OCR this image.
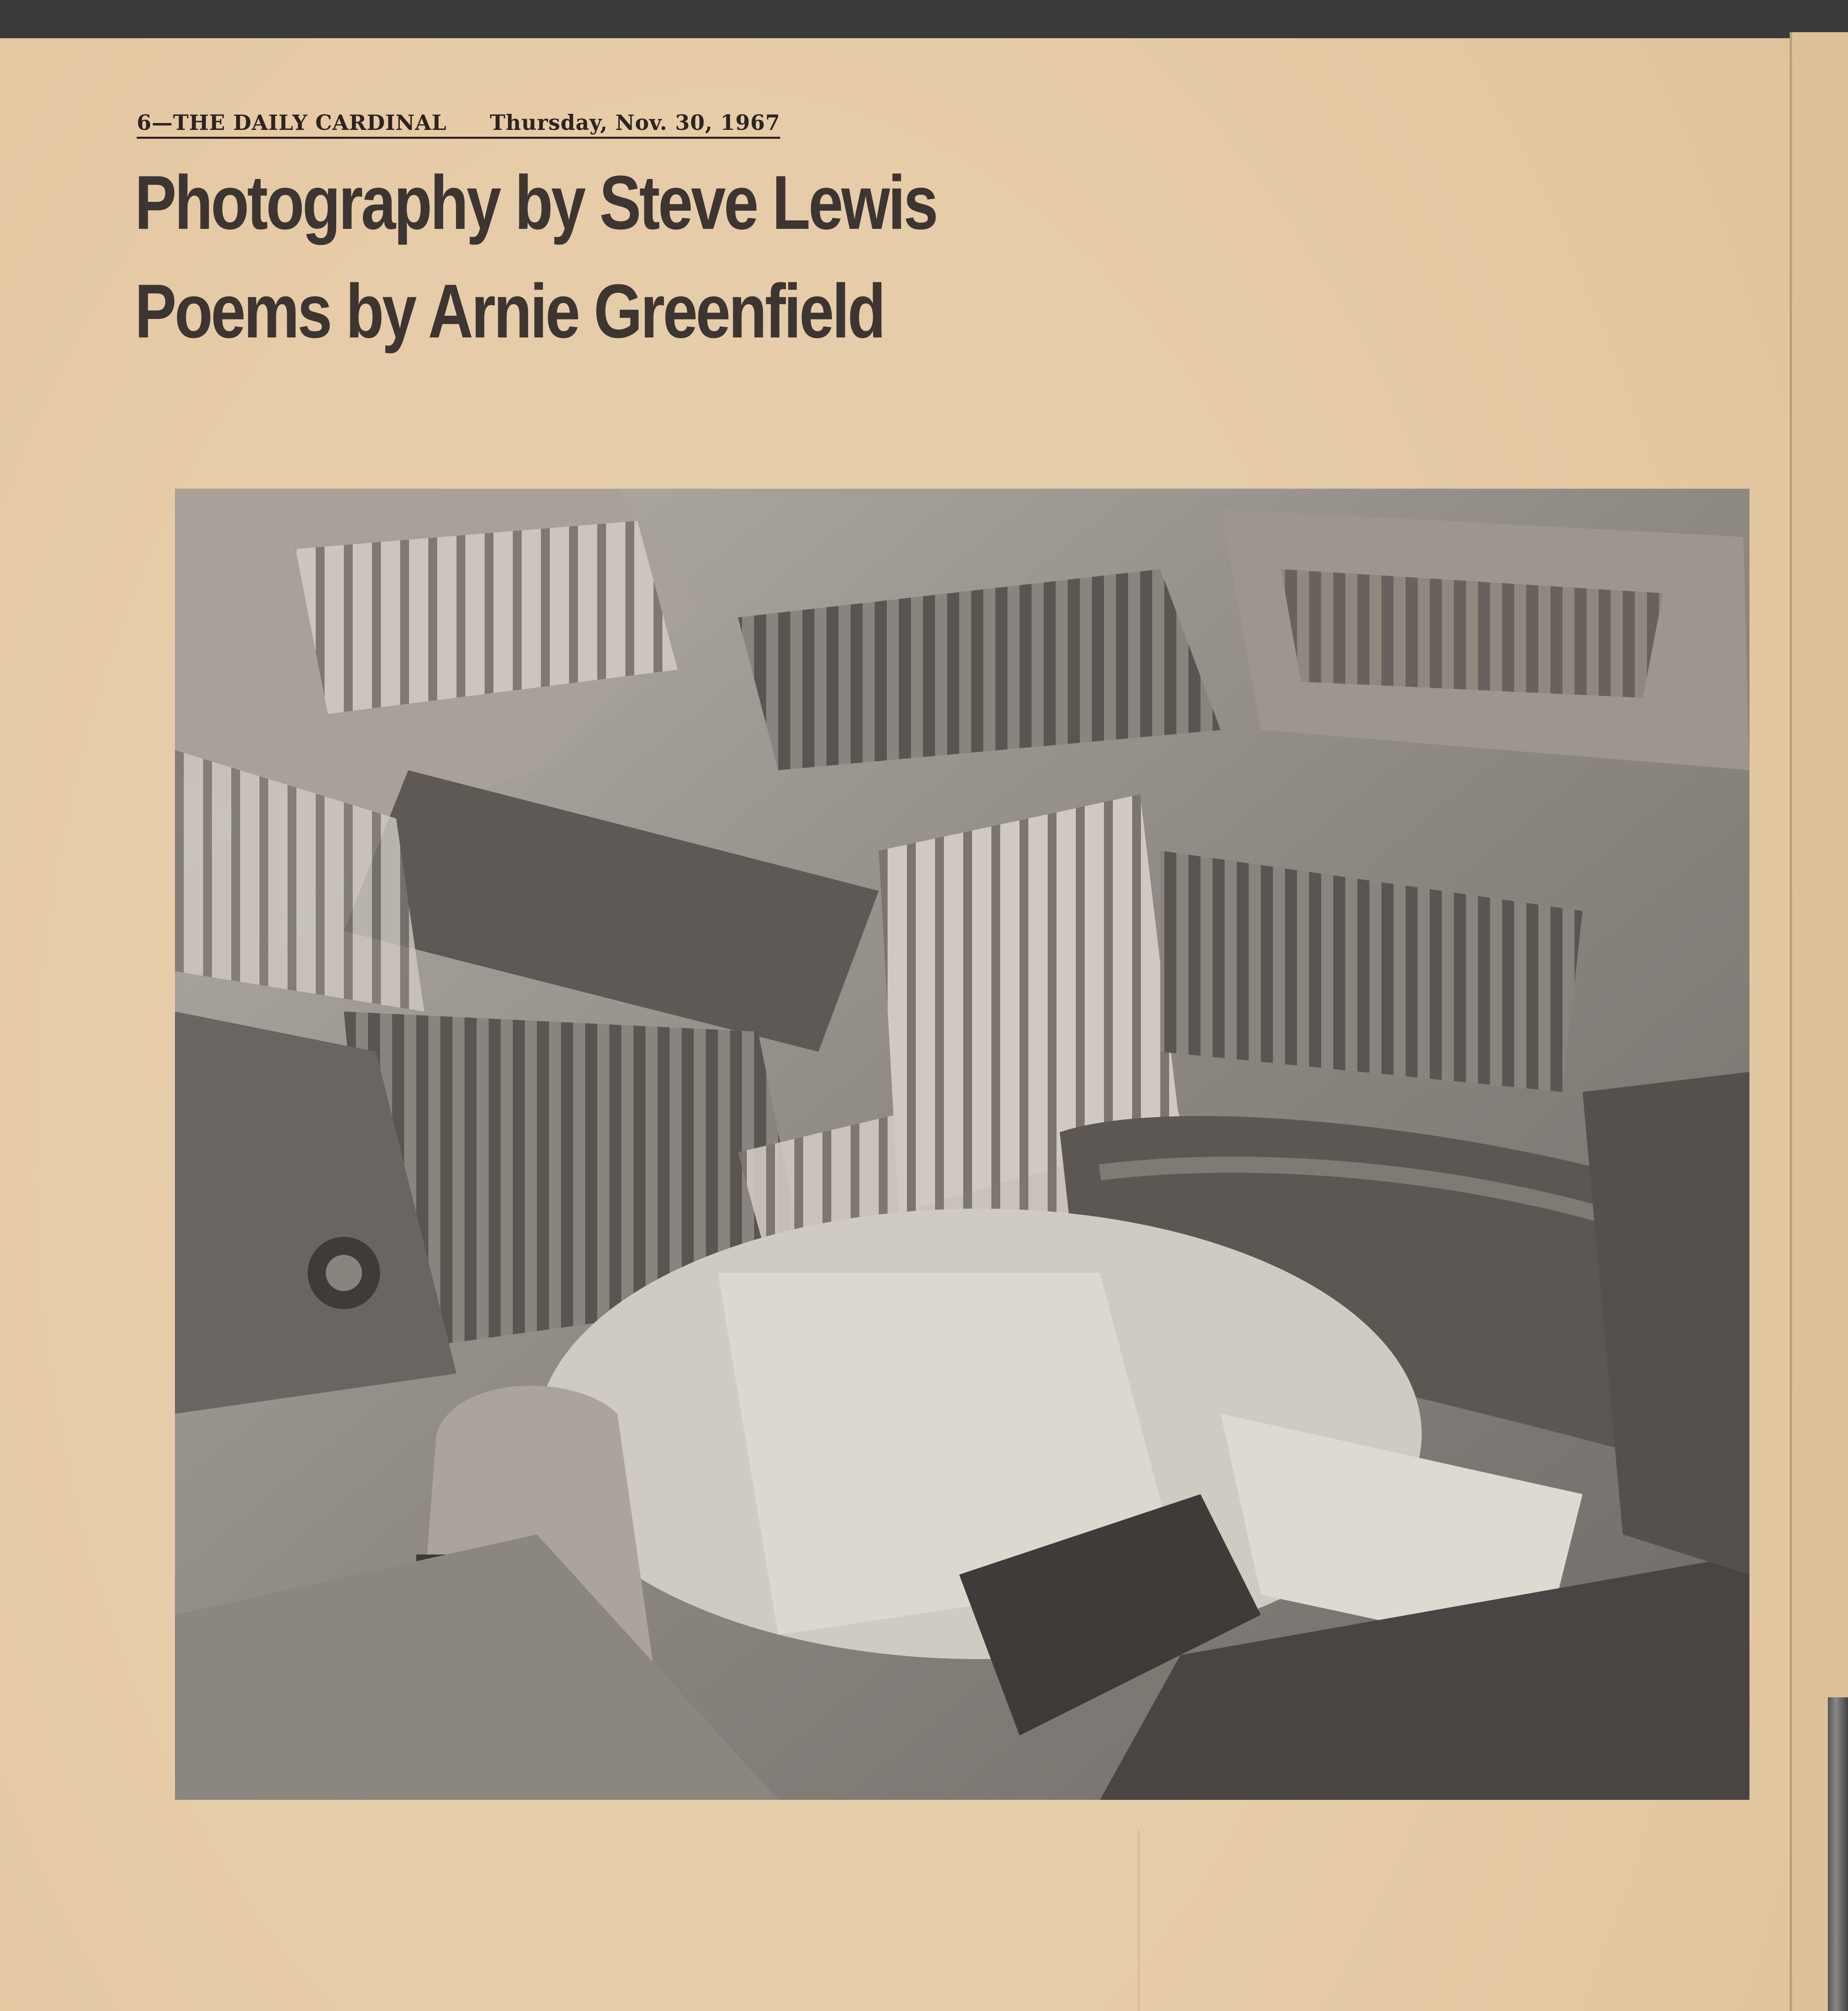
6—THE DAILY CARDINAL Thursday, Nov. 30, 1967
Photography by Steve Lewis
Poems by Arnie Greenfield
